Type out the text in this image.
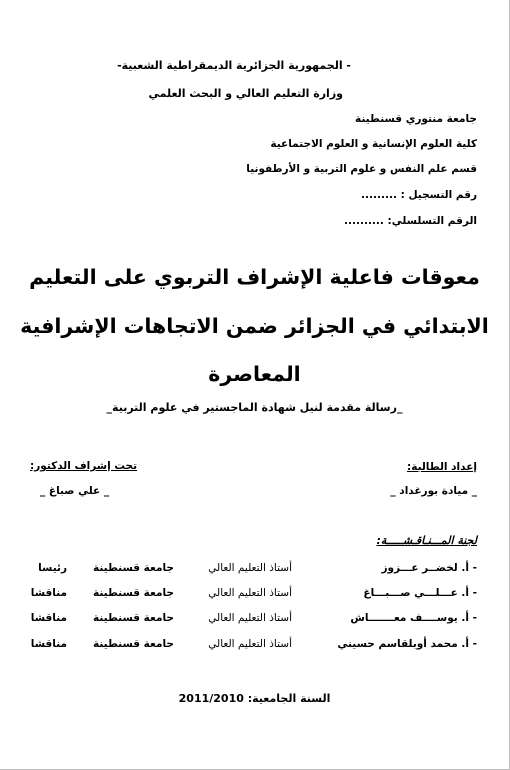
- الجمهورية الجزائرية الديمقراطية الشعبية-
وزارة التعليم العالي و البحث العلمي
جامعة منتوري قسنطينة
كلية العلوم الإنسانية و العلوم الاجتماعية
قسم علم النفس و علوم التربية و الأرطفونيا
رقم التسجيل : .........
الرقم التسلسلي: ..........
معوقات فاعلية الإشراف التربوي على التعليم
الابتدائي في الجزائر ضمن الاتجاهات الإشرافية
المعاصرة
_رسالة مقدمة لنيل شهادة الماجستير في علوم التربية_
إعداد الطالبة:
_ ميادة بورغداد _
تحت إشراف الدكتور:
_ علي صباغ _
لجنة المـــنـاقـشـــــة:
- أ. لخضــر عـــزوز
أستاذ التعليم العالي
جامعة قسنطينة
رئيسا
- أ. عـــلـــي صـــبـــاغ
أستاذ التعليم العالي
جامعة قسنطينة
مناقشا
- أ. يوســــف معـــــــاش
أستاذ التعليم العالي
حامعة قسنطينة
مناقشا
- أ. محمد أوبلقاسم حسيني
أستاذ التعليم العالي
حامعة قسنطينة
مناقشا
السنة الجامعية: 2011/2010
